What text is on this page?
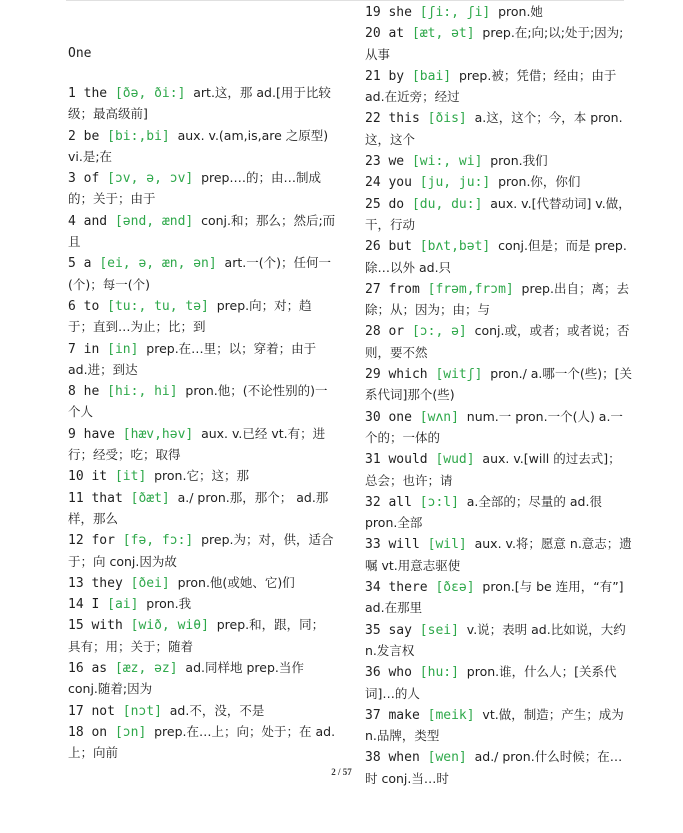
One

1 the [ðə, ði:] art.这，那 ad.[用于比较级；最高级前]

2 be [bi:,bi] aux. v.(am,is,are 之原型) vi.是;在

3 of [ɔv, ə, ɔv] prep.…的；由…制成的；关于；由于

4 and [ənd, ænd] conj.和；那么；然后;而且

5 a [ei, ə, æn, ən] art.一(个)；任何一(个)；每一(个)

6 to [tu:, tu, tə] prep.向；对；趋于；直到…为止；比；到

7 in [in] prep.在…里；以；穿着；由于 ad.进；到达

8 he [hi:, hi] pron.他；(不论性别的)一个人

9 have [hæv,həv] aux. v.已经 vt.有；进行；经受；吃；取得

10 it [it] pron.它；这；那

11 that [ðæt] a./ pron.那，那个； ad.那样，那么

12 for [fə, fɔ:] prep.为；对，供，适合于；向 conj.因为故

13 they [ðei] pron.他(或她、它)们

14 I [ai] pron.我

15 with [wið, wiθ] prep.和，跟，同；具有；用；关于；随着

16 as [æz, əz] ad.同样地 prep.当作 conj.随着;因为

17 not [nɔt] ad.不，没，不是

18 on [ɔn] prep.在…上；向；处于；在 ad.上；向前

19 she [ʃi:, ʃi] pron.她

20 at [æt, ət] prep.在;向;以;处于;因为;从事

21 by [bai] prep.被；凭借；经由；由于 ad.在近旁；经过

22 this [ðis] a.这，这个；今，本 pron.这，这个

23 we [wi:, wi] pron.我们

24 you [ju, ju:] pron.你，你们

25 do [du, du:] aux. v.[代替动词] v.做，干，行动

26 but [bʌt,bət] conj.但是；而是 prep.除…以外 ad.只

27 from [frəm,frɔm] prep.出自；离；去除；从；因为；由；与

28 or [ɔ:, ə] conj.或，或者；或者说；否则，要不然

29 which [witʃ] pron./ a.哪一个(些)；[关系代词]那个(些)

30 one [wʌn] num.一 pron.一个(人) a.一个的；一体的

31 would [wud] aux. v.[will 的过去式]；总会；也许；请

32 all [ɔ:l] a.全部的；尽量的 ad.很 pron.全部

33 will [wil] aux. v.将；愿意 n.意志；遗嘱 vt.用意志驱使

34 there [ðεə] pron.[与 be 连用，“有”] ad.在那里

35 say [sei] v.说；表明 ad.比如说，大约 n.发言权

36 who [hu:] pron.谁，什么人；[关系代词]…的人

37 make [meik] vt.做，制造；产生；成为 n.品牌，类型

38 when [wen] ad./ pron.什么时候；在…时 conj.当…时

2 / 57
